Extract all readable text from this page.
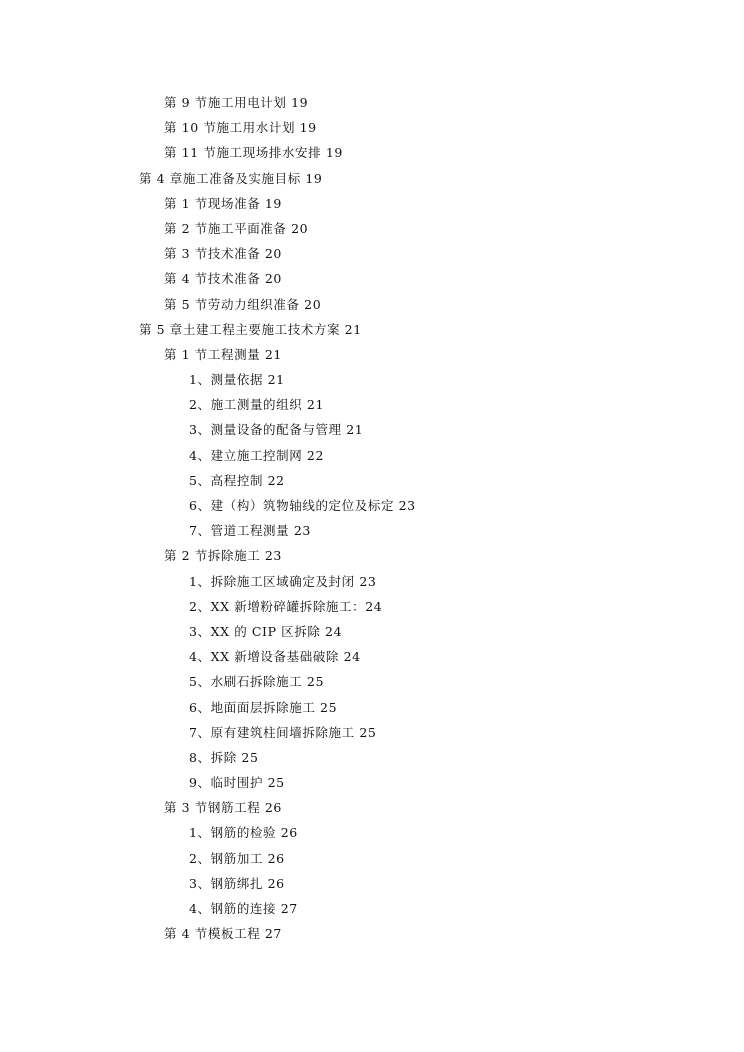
第 9 节施工用电计划 19
第 10 节施工用水计划 19
第 11 节施工现场排水安排 19
第 4 章施工准备及实施目标 19
第 1 节现场准备 19
第 2 节施工平面准备 20
第 3 节技术准备 20
第 4 节技术准备 20
第 5 节劳动力组织准备 20
第 5 章土建工程主要施工技术方案 21
第 1 节工程测量 21
1、测量依据 21
2、施工测量的组织 21
3、测量设备的配备与管理 21
4、建立施工控制网 22
5、高程控制 22
6、建（构）筑物轴线的定位及标定 23
7、管道工程测量 23
第 2 节拆除施工 23
1、拆除施工区域确定及封闭 23
2、XX 新增粉碎罐拆除施工：24
3、XX 的 CIP 区拆除 24
4、XX 新增设备基础破除 24
5、水刷石拆除施工 25
6、地面面层拆除施工 25
7、原有建筑柱间墙拆除施工 25
8、拆除 25
9、临时围护 25
第 3 节钢筋工程 26
1、钢筋的检验 26
2、钢筋加工 26
3、钢筋绑扎 26
4、钢筋的连接 27
第 4 节模板工程 27
